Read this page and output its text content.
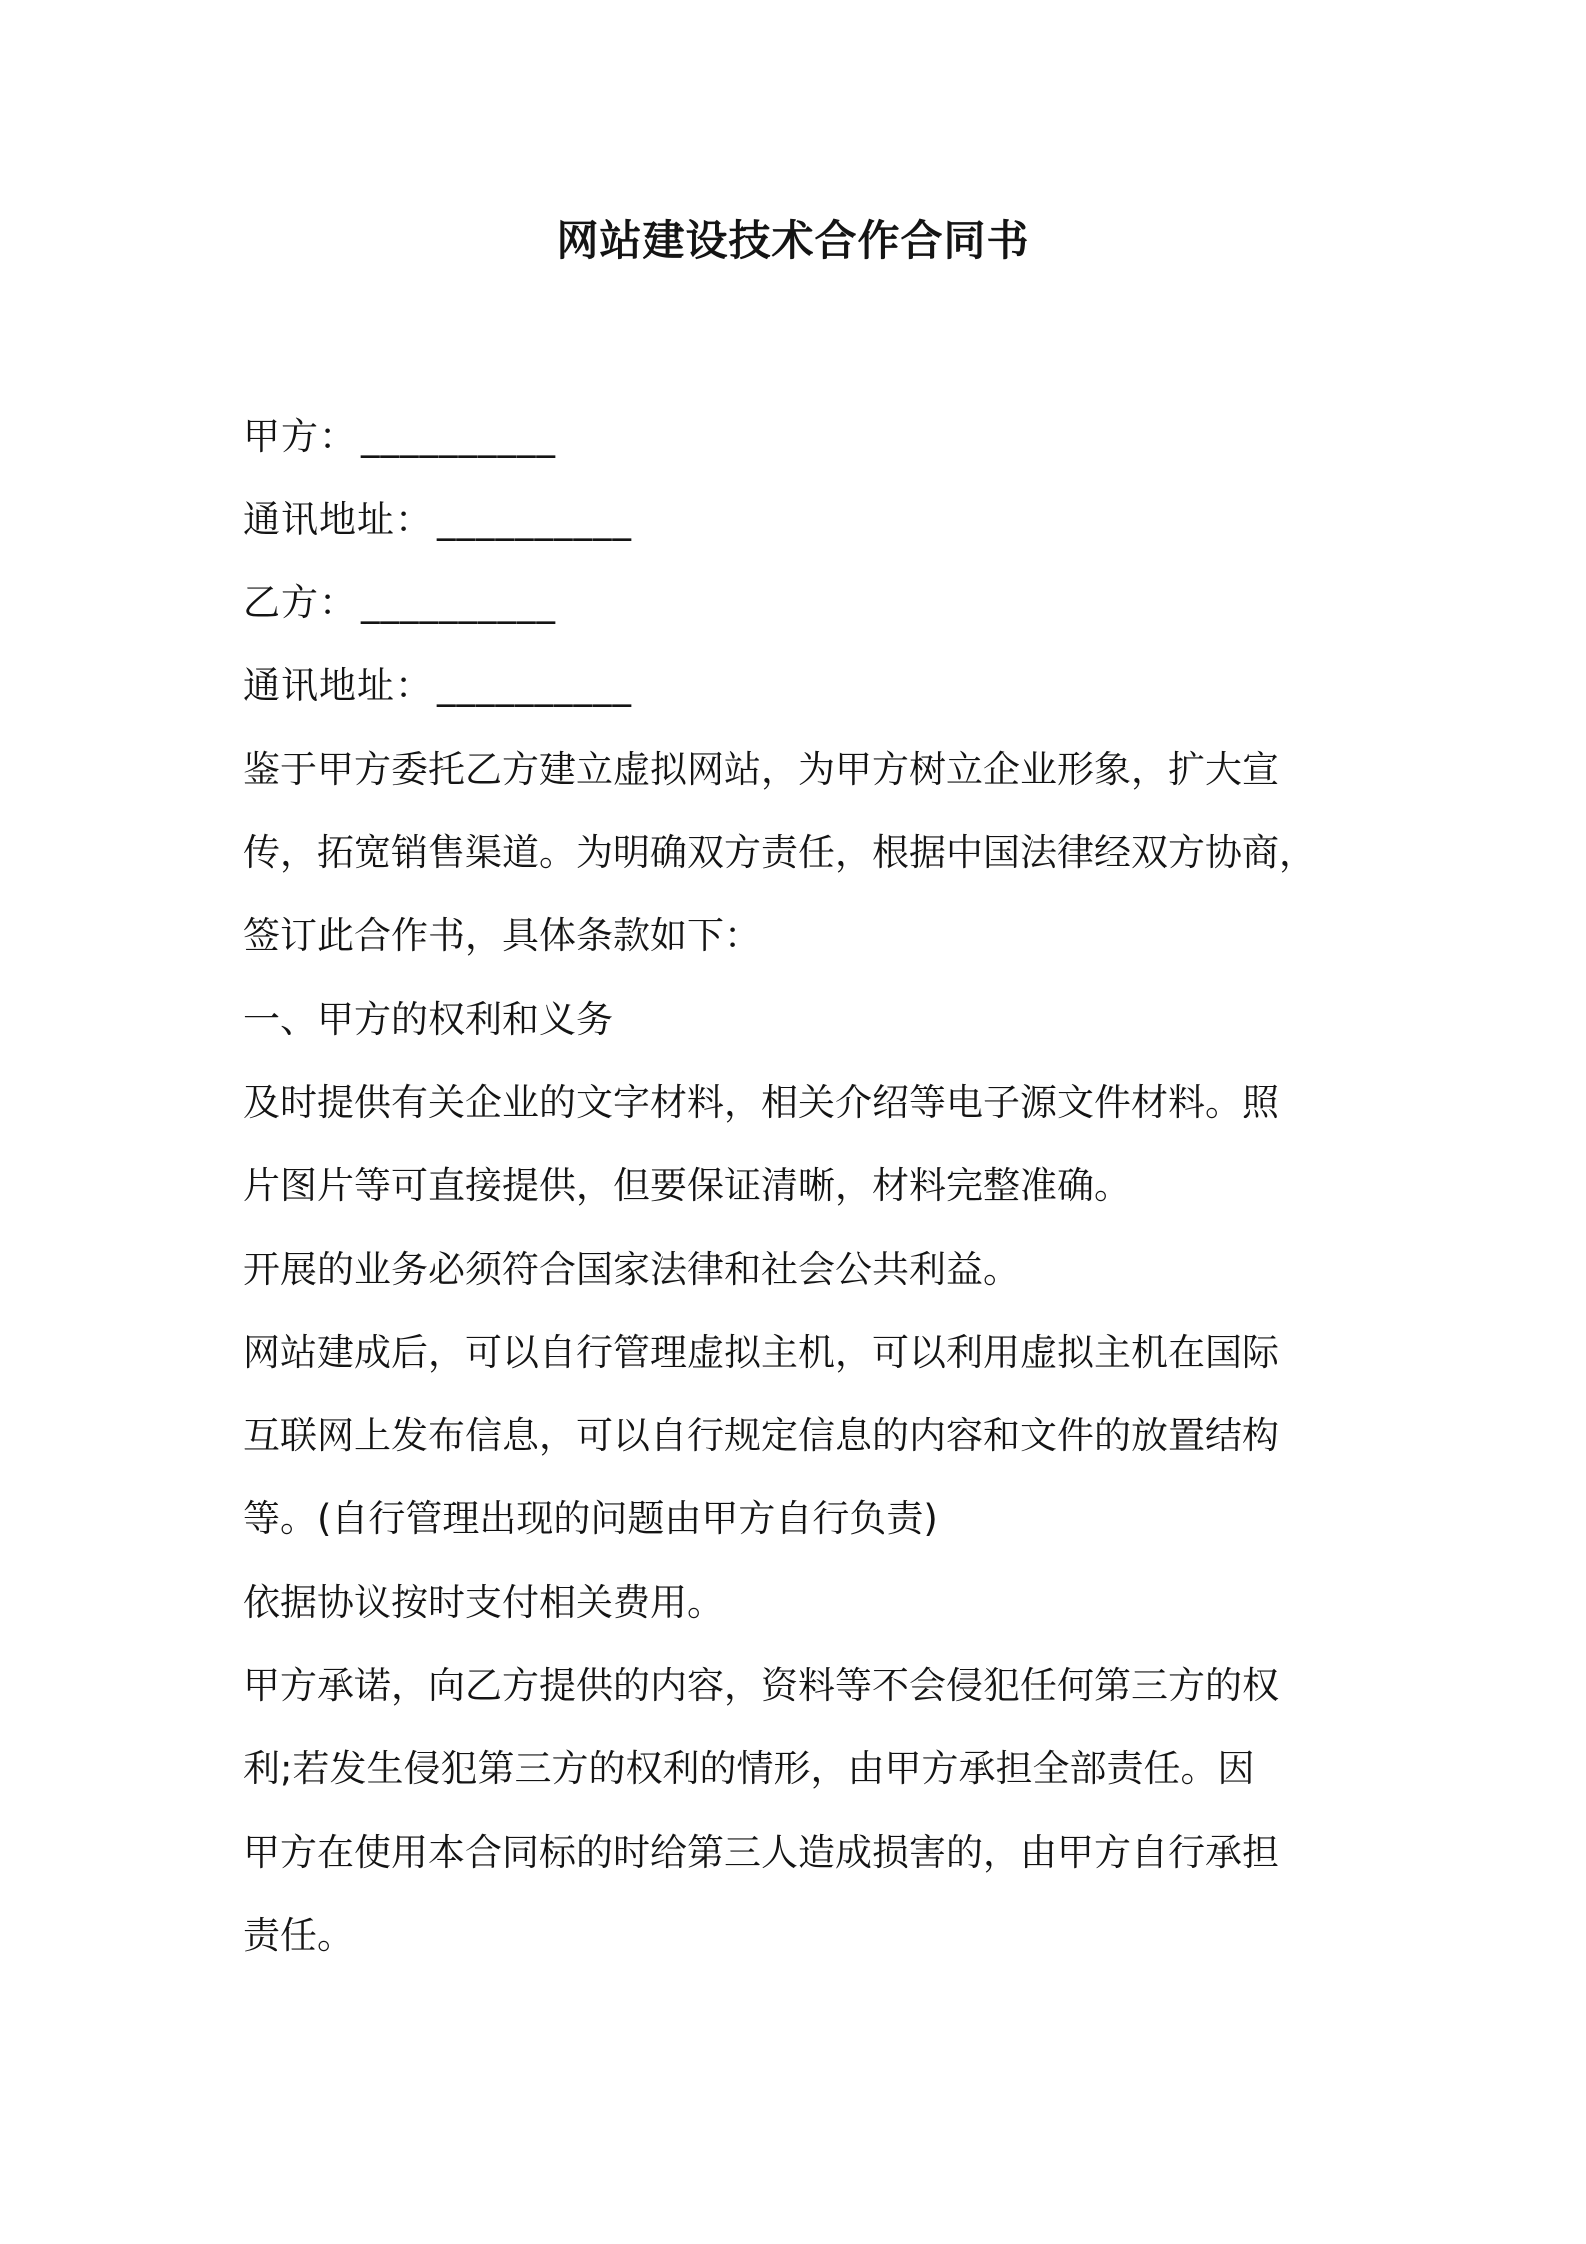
网站建设技术合作合同书
甲方： __________
通讯地址： __________
乙方： __________
通讯地址： __________
鉴于甲方委托乙方建立虚拟网站，为甲方树立企业形象，扩大宣
传，拓宽销售渠道。为明确双方责任，根据中国法律经双方协商，
签订此合作书，具体条款如下：
一、甲方的权利和义务
及时提供有关企业的文字材料，相关介绍等电子源文件材料。照
片图片等可直接提供，但要保证清晰，材料完整准确。
开展的业务必须符合国家法律和社会公共利益。
网站建成后，可以自行管理虚拟主机，可以利用虚拟主机在国际
互联网上发布信息，可以自行规定信息的内容和文件的放置结构
等。(自行管理出现的问题由甲方自行负责)
依据协议按时支付相关费用。
甲方承诺，向乙方提供的内容，资料等不会侵犯任何第三方的权
利;若发生侵犯第三方的权利的情形，由甲方承担全部责任。因
甲方在使用本合同标的时给第三人造成损害的，由甲方自行承担
责任。
